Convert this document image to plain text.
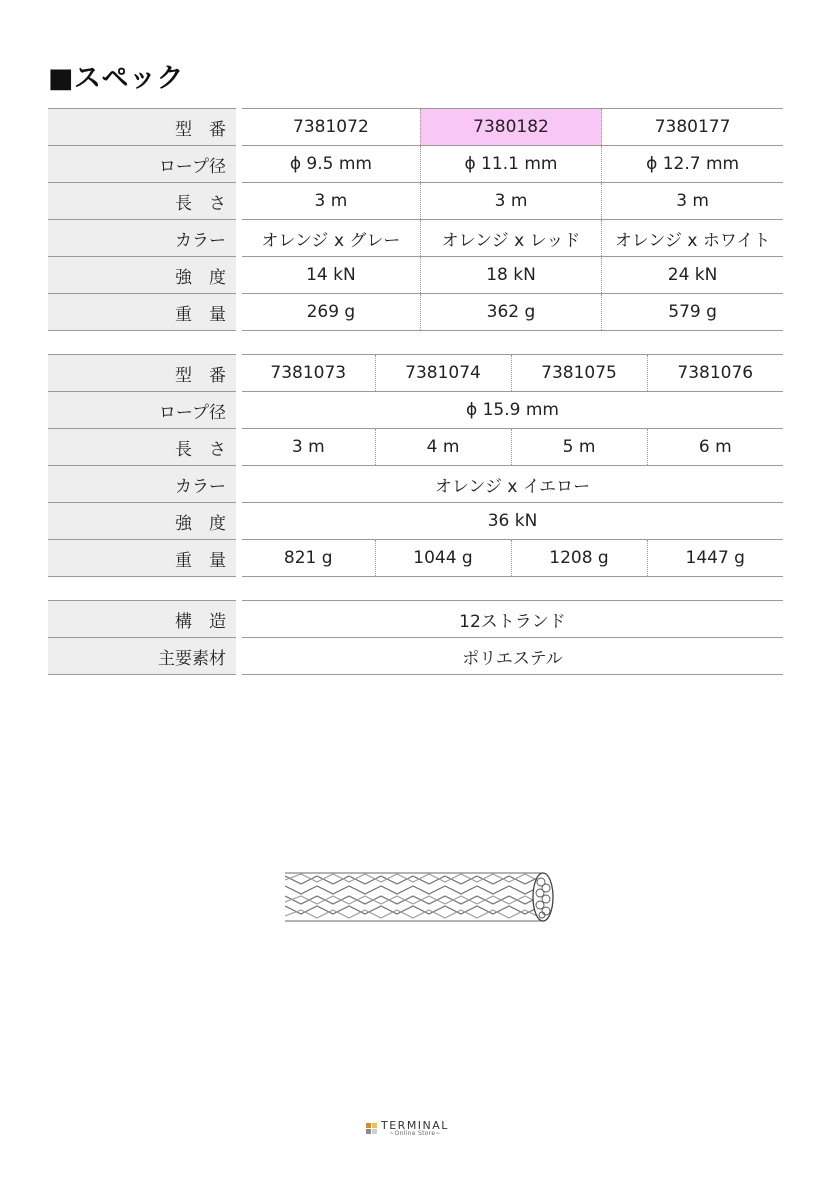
■スペック
型　番	7381072	7380182	7380177
ロープ径	ϕ 9.5 mm	ϕ 11.1 mm	ϕ 12.7 mm
長　さ	3 m	3 m	3 m
カラー	オレンジ x グレー	オレンジ x レッド	オレンジ x ホワイト
強　度	14 kN	18 kN	24 kN
重　量	269 g	362 g	579 g
型　番	7381073	7381074	7381075	7381076
ロープ径	ϕ 15.9 mm			
長　さ	3 m	4 m	5 m	6 m
カラー	オレンジ x イエロー			
強　度	36 kN			
重　量	821 g	1044 g	1208 g	1447 g
構　造	12ストランド
主要素材	ポリエステル
TERMINAL
~Online Store~
